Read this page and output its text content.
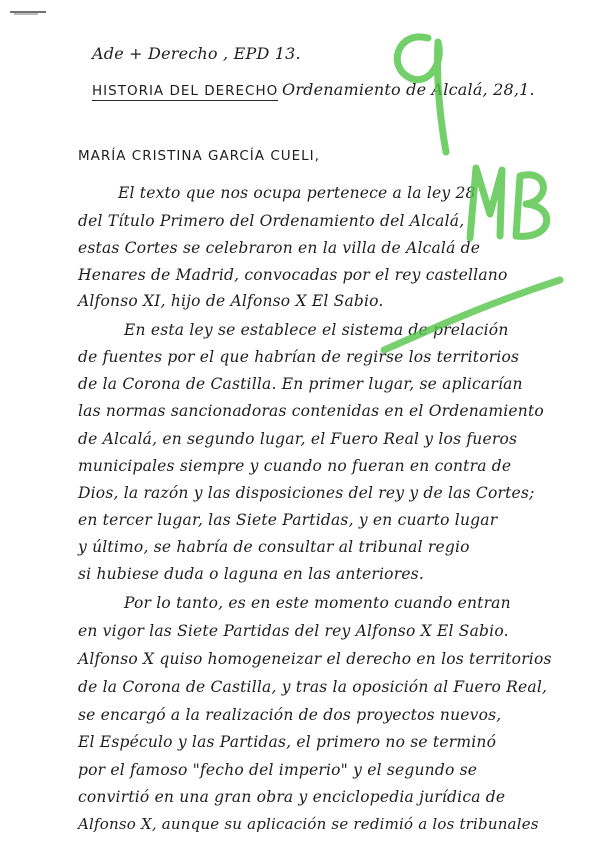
Ade + Derecho , EPD 13.
HISTORIA DEL DERECHO Ordenamiento de Alcalá, 28,1.
MARÍA CRISTINA GARCÍA CUELI,
El texto que nos ocupa pertenece a la ley 28
del Título Primero del Ordenamiento del Alcalá,
estas Cortes se celebraron en la villa de Alcalá de
Henares de Madrid, convocadas por el rey castellano
Alfonso XI, hijo de Alfonso X El Sabio.
En esta ley se establece el sistema de prelación
de fuentes por el que habrían de regirse los territorios
de la Corona de Castilla. En primer lugar, se aplicarían
las normas sancionadoras contenidas en el Ordenamiento
de Alcalá, en segundo lugar, el Fuero Real y los fueros
municipales siempre y cuando no fueran en contra de
Dios, la razón y las disposiciones del rey y de las Cortes;
en tercer lugar, las Siete Partidas, y en cuarto lugar
y último, se habría de consultar al tribunal regio
si hubiese duda o laguna en las anteriores.
Por lo tanto, es en este momento cuando entran
en vigor las Siete Partidas del rey Alfonso X El Sabio.
Alfonso X quiso homogeneizar el derecho en los territorios
de la Corona de Castilla, y tras la oposición al Fuero Real,
se encargó a la realización de dos proyectos nuevos,
El Espéculo y las Partidas, el primero no se terminó
por el famoso "fecho del imperio" y el segundo se
convirtió en una gran obra y enciclopedia jurídica de
Alfonso X, aunque su aplicación se redimió a los tribunales
